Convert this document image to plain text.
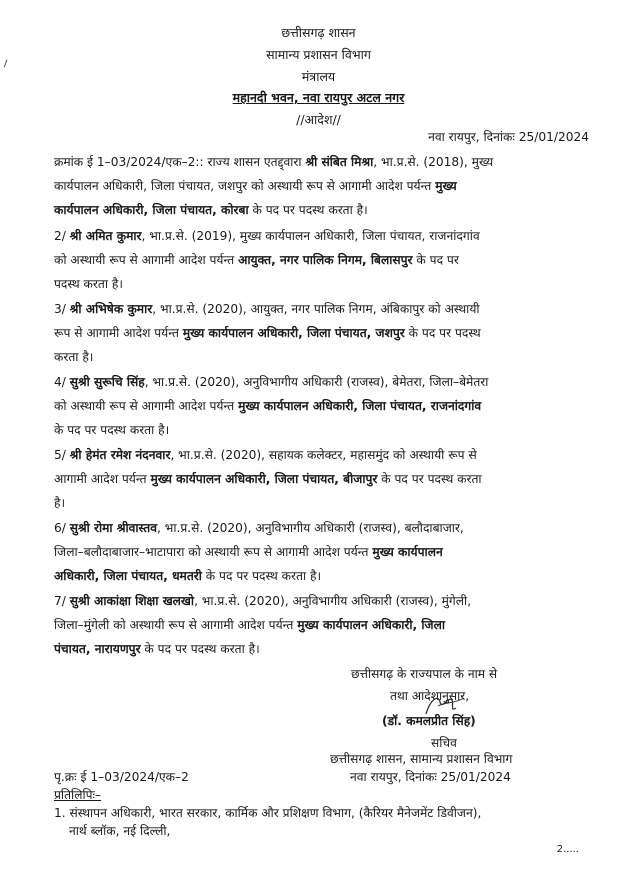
छत्तीसगढ़ शासन
सामान्य प्रशासन विभाग
मंत्रालय
महानदी भवन, नवा रायपुर अटल नगर
//आदेश//
नवा रायपुर, दिनांकः 25/01/2024
क्रमांक ई 1–03/2024/एक–2:: राज्य शासन एतद्द्वारा श्री संबित मिश्रा, भा.प्र.से. (2018), मुख्य
कार्यपालन अधिकारी, जिला पंचायत, जशपुर को अस्थायी रूप से आगामी आदेश पर्यन्त मुख्य
कार्यपालन अधिकारी, जिला पंचायत, कोरबा के पद पर पदस्थ करता है।
2/ श्री अमित कुमार, भा.प्र.से. (2019), मुख्य कार्यपालन अधिकारी, जिला पंचायत, राजनांदगांव
को अस्थायी रूप से आगामी आदेश पर्यन्त आयुक्त, नगर पालिक निगम, बिलासपुर के पद पर
पदस्थ करता है।
3/ श्री अभिषेक कुमार, भा.प्र.से. (2020), आयुक्त, नगर पालिक निगम, अंबिकापुर को अस्थायी
रूप से आगामी आदेश पर्यन्त मुख्य कार्यपालन अधिकारी, जिला पंचायत, जशपुर के पद पर पदस्थ
करता है।
4/ सुश्री सुरूचि सिंह, भा.प्र.से. (2020), अनुविभागीय अधिकारी (राजस्व), बेमेतरा, जिला–बेमेतरा
को अस्थायी रूप से आगामी आदेश पर्यन्त मुख्य कार्यपालन अधिकारी, जिला पंचायत, राजनांदगांव
के पद पर पदस्थ करता है।
5/ श्री हेमंत रमेश नंदनवार, भा.प्र.से. (2020), सहायक कलेक्टर, महासमुंद को अस्थायी रूप से
आगामी आदेश पर्यन्त मुख्य कार्यपालन अधिकारी, जिला पंचायत, बीजापुर के पद पर पदस्थ करता
है।
6/ सुश्री रोमा श्रीवास्तव, भा.प्र.से. (2020), अनुविभागीय अधिकारी (राजस्व), बलौदाबाजार,
जिला–बलौदाबाजार–भाटापारा को अस्थायी रूप से आगामी आदेश पर्यन्त मुख्य कार्यपालन
अधिकारी, जिला पंचायत, धमतरी के पद पर पदस्थ करता है।
7/ सुश्री आकांक्षा शिक्षा खलखो, भा.प्र.से. (2020), अनुविभागीय अधिकारी (राजस्व), मुंगेली,
जिला–मुंगेली को अस्थायी रूप से आगामी आदेश पर्यन्त मुख्य कार्यपालन अधिकारी, जिला
पंचायत, नारायणपुर के पद पर पदस्थ करता है।
छत्तीसगढ़ के राज्यपाल के नाम से
तथा आदेशानुसार,
(डॉ. कमलप्रीत सिंह)
सचिव
छत्तीसगढ़ शासन, सामान्य प्रशासन विभाग
नवा रायपुर, दिनांकः 25/01/2024
पृ.क्रः ई 1–03/2024/एक–2
प्रतिलिपिः–
1. संस्थापन अधिकारी, भारत सरकार, कार्मिक और प्रशिक्षण विभाग, (कैरियर मैनेजमेंट डिवीजन),
नार्थ ब्लॉक, नई दिल्ली,
2.....
